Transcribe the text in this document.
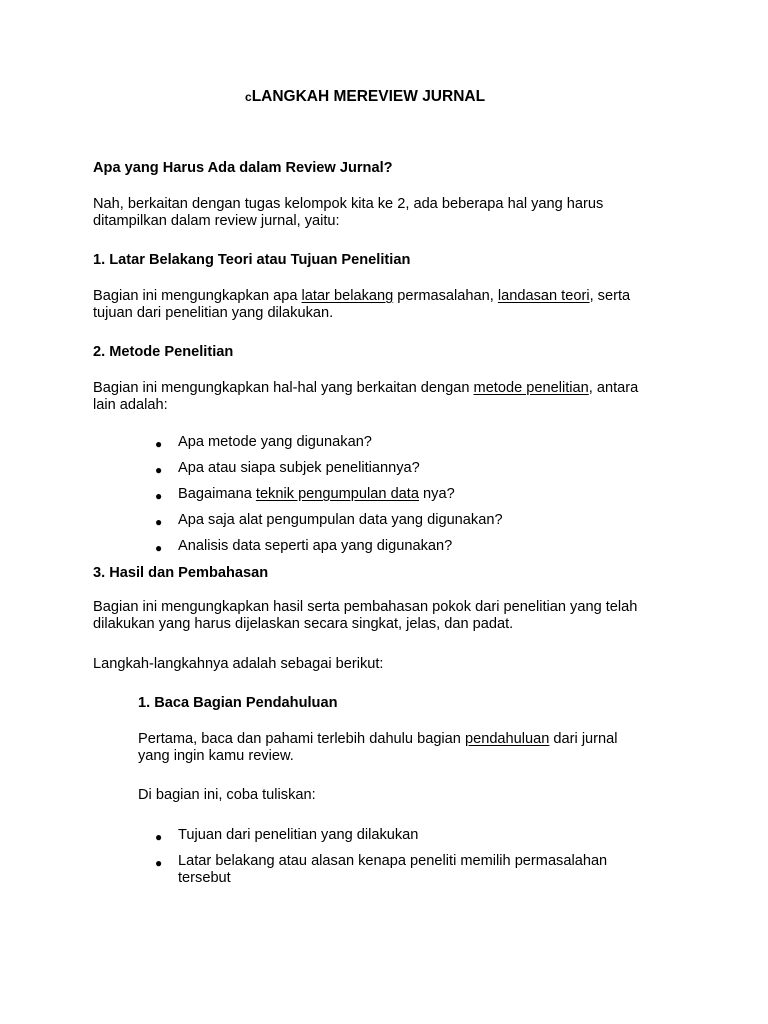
cLANGKAH MEREVIEW JURNAL
Apa yang Harus Ada dalam Review Jurnal?
Nah, berkaitan dengan tugas kelompok kita ke 2, ada beberapa hal yang harus
ditampilkan dalam review jurnal, yaitu:
1. Latar Belakang Teori atau Tujuan Penelitian
Bagian ini mengungkapkan apa latar belakang permasalahan, landasan teori, serta
tujuan dari penelitian yang dilakukan.
2. Metode Penelitian
Bagian ini mengungkapkan hal-hal yang berkaitan dengan metode penelitian, antara
lain adalah:
● Apa metode yang digunakan?
● Apa atau siapa subjek penelitiannya?
● Bagaimana teknik pengumpulan data nya?
● Apa saja alat pengumpulan data yang digunakan?
● Analisis data seperti apa yang digunakan?
3. Hasil dan Pembahasan
Bagian ini mengungkapkan hasil serta pembahasan pokok dari penelitian yang telah
dilakukan yang harus dijelaskan secara singkat, jelas, dan padat.
Langkah-langkahnya adalah sebagai berikut:
1. Baca Bagian Pendahuluan
Pertama, baca dan pahami terlebih dahulu bagian pendahuluan dari jurnal
yang ingin kamu review.
Di bagian ini, coba tuliskan:
● Tujuan dari penelitian yang dilakukan
● Latar belakang atau alasan kenapa peneliti memilih permasalahan
tersebut
